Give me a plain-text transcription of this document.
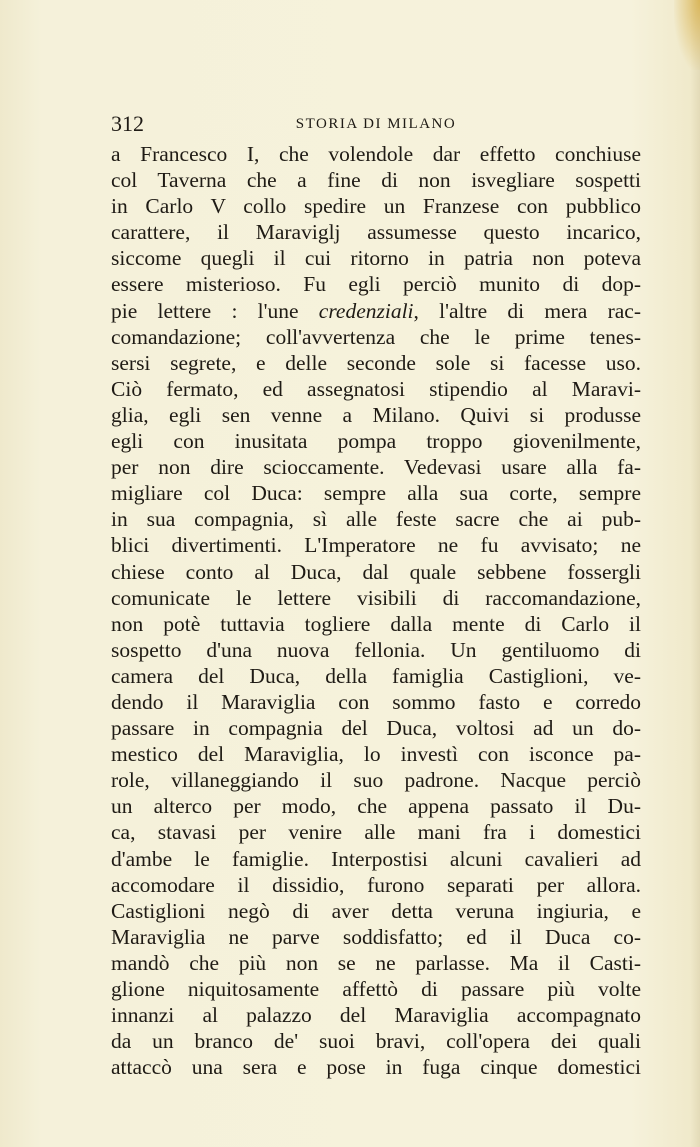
312	STORIA DI MILANO
a Francesco I, che volendole dar effetto conchiuse
col Taverna che a fine di non isvegliare sospetti
in Carlo V collo spedire un Franzese con pubblico
carattere, il Maraviglj assumesse questo incarico,
siccome quegli il cui ritorno in patria non poteva
essere misterioso. Fu egli perciò munito di dop-
pie lettere : l'une credenziali, l'altre di mera rac-
comandazione; coll'avvertenza che le prime tenes-
sersi segrete, e delle seconde sole si facesse uso.
Ciò fermato, ed assegnatosi stipendio al Maravi-
glia, egli sen venne a Milano. Quivi si produsse
egli con inusitata pompa troppo giovenilmente,
per non dire scioccamente. Vedevasi usare alla fa-
migliare col Duca: sempre alla sua corte, sempre
in sua compagnia, sì alle feste sacre che ai pub-
blici divertimenti. L'Imperatore ne fu avvisato; ne
chiese conto al Duca, dal quale sebbene fossergli
comunicate le lettere visibili di raccomandazione,
non potè tuttavia togliere dalla mente di Carlo il
sospetto d'una nuova fellonia. Un gentiluomo di
camera del Duca, della famiglia Castiglioni, ve-
dendo il Maraviglia con sommo fasto e corredo
passare in compagnia del Duca, voltosi ad un do-
mestico del Maraviglia, lo investì con isconce pa-
role, villaneggiando il suo padrone. Nacque perciò
un alterco per modo, che appena passato il Du-
ca, stavasi per venire alle mani fra i domestici
d'ambe le famiglie. Interpostisi alcuni cavalieri ad
accomodare il dissidio, furono separati per allora.
Castiglioni negò di aver detta veruna ingiuria, e
Maraviglia ne parve soddisfatto; ed il Duca co-
mandò che più non se ne parlasse. Ma il Casti-
glione niquitosamente affettò di passare più volte
innanzi al palazzo del Maraviglia accompagnato
da un branco de' suoi bravi, coll'opera dei quali
attaccò una sera e pose in fuga cinque domestici
